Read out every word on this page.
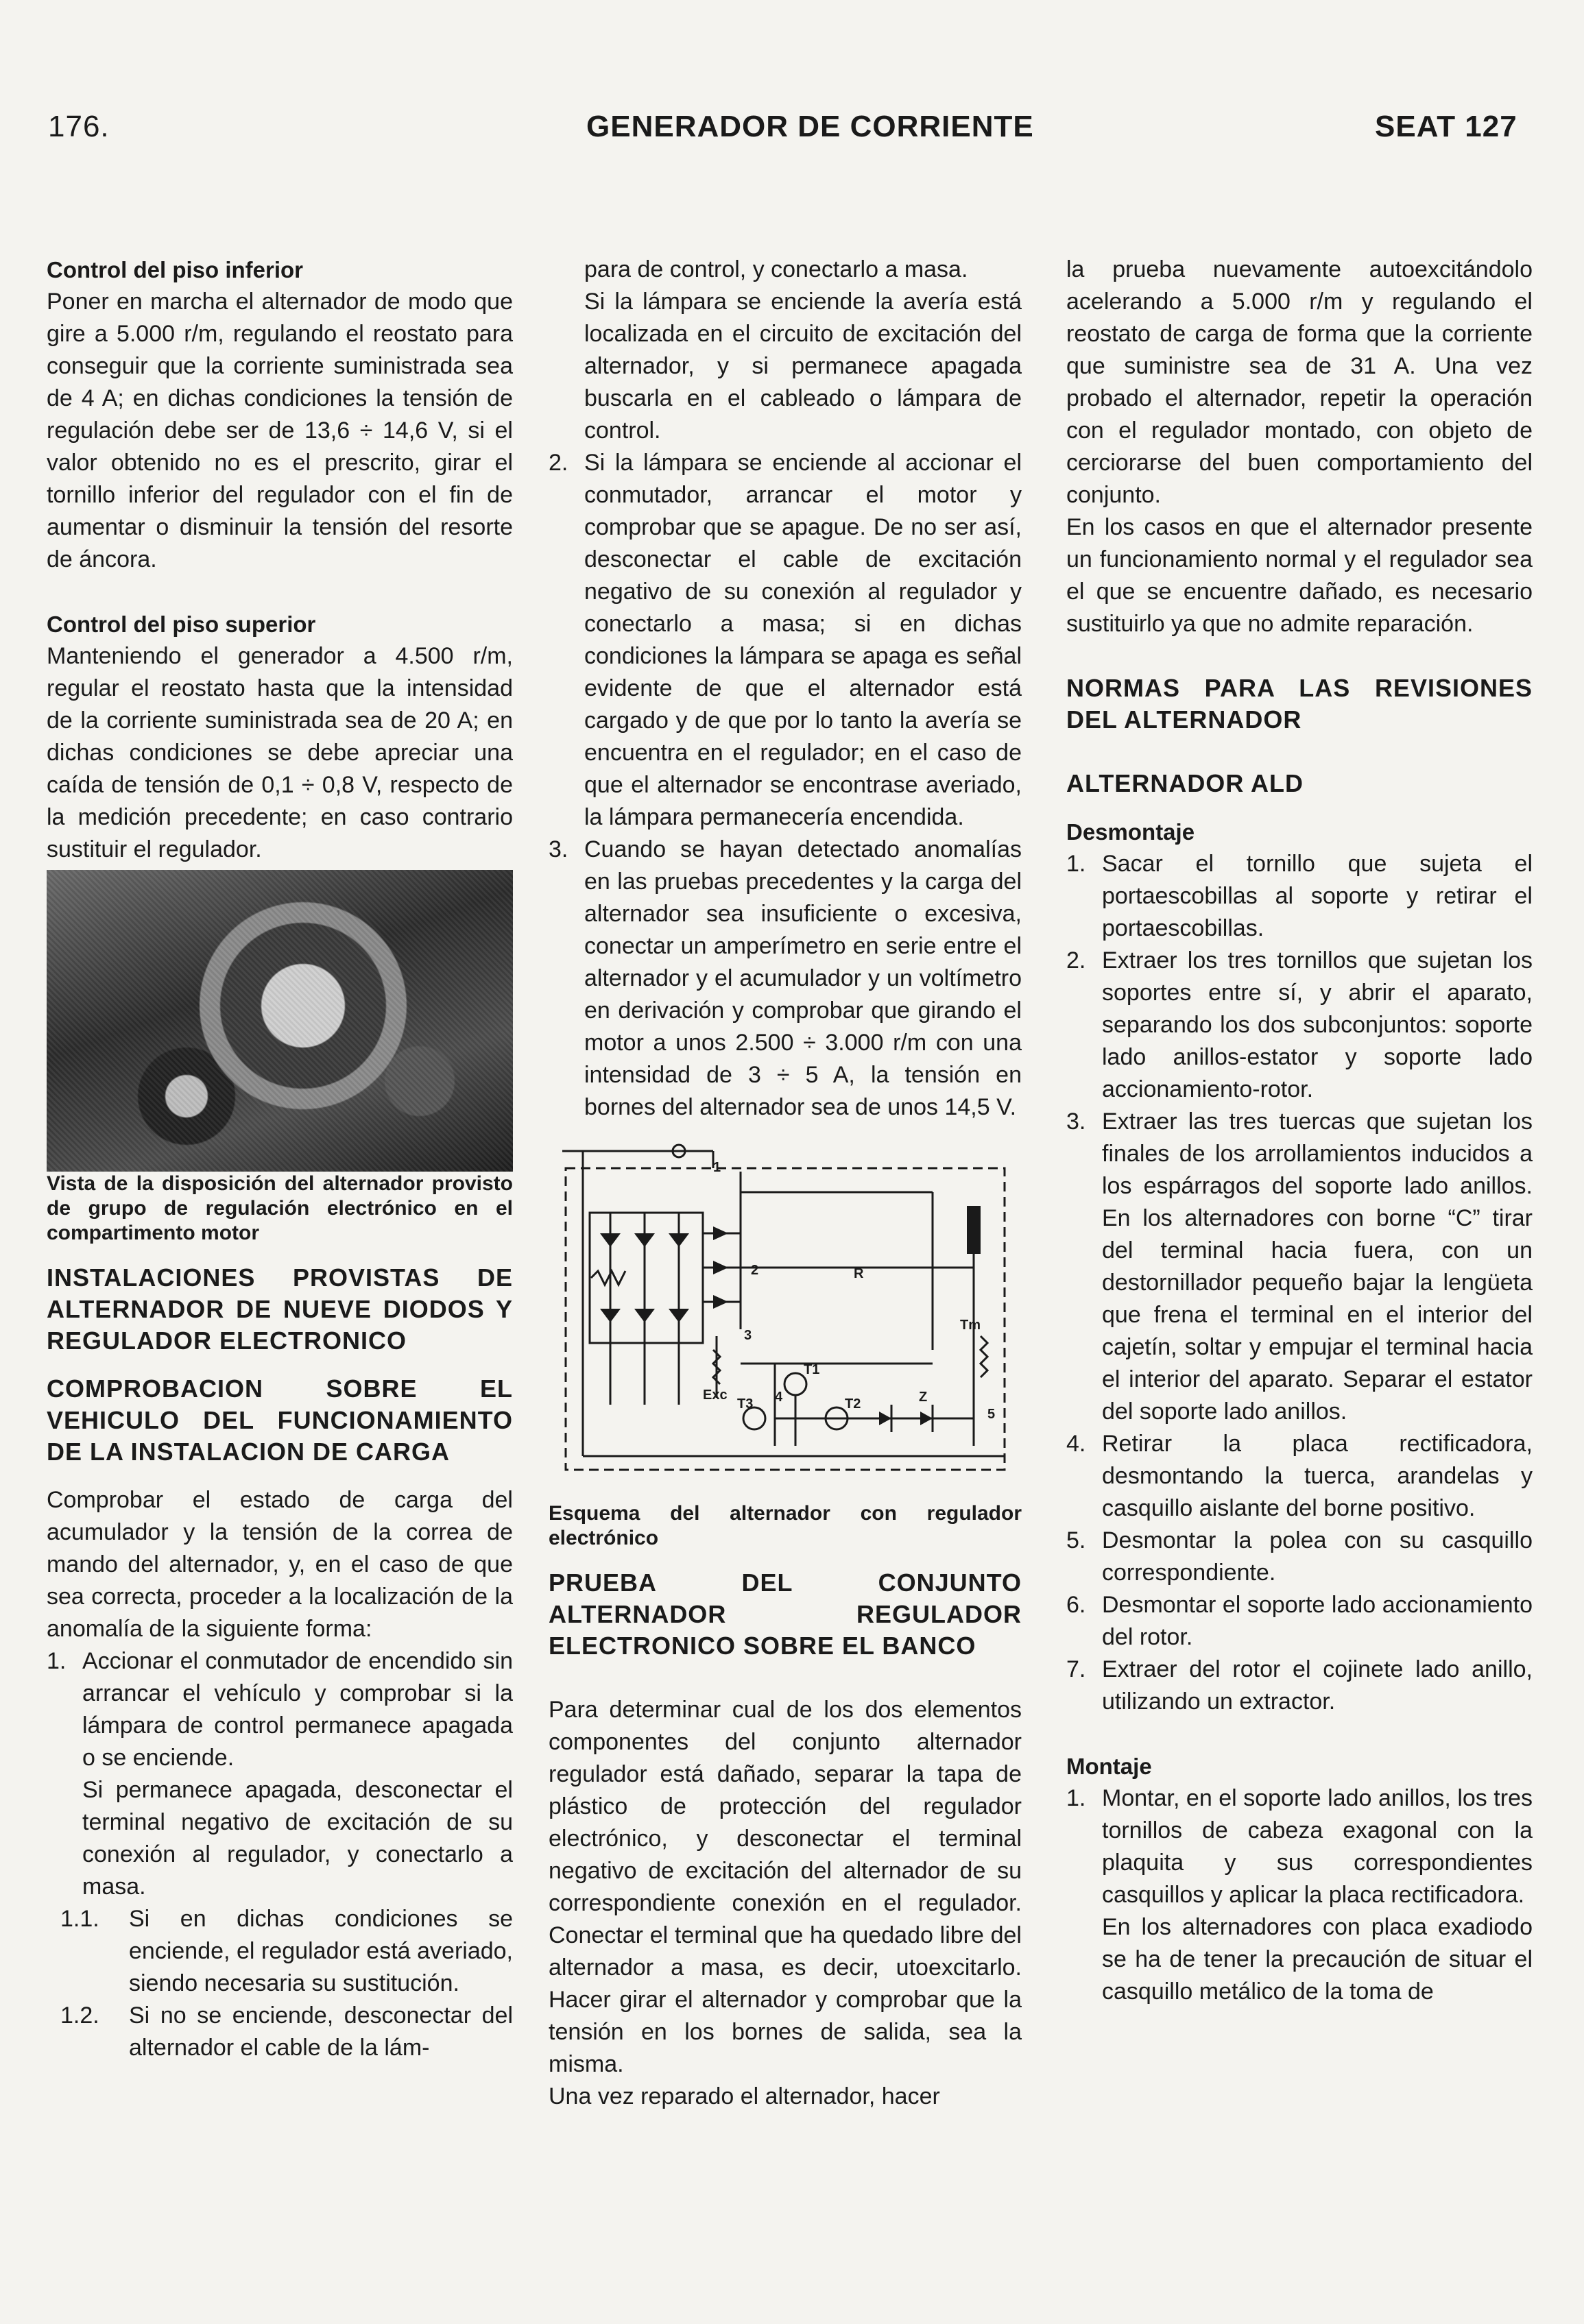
176.	GENERADOR DE CORRIENTE	SEAT 127

Control del piso inferior

Poner en marcha el alternador de modo que gire a 5.000 r/m, regulando el reostato para conseguir que la corriente suministrada sea de 4 A; en dichas condiciones la tensión de regulación debe ser de 13,6 ÷ 14,6 V, si el valor obtenido no es el prescrito, girar el tornillo inferior del regulador con el fin de aumentar o disminuir la tensión del resorte de áncora.

Control del piso superior

Manteniendo el generador a 4.500 r/m, regular el reostato hasta que la intensidad de la corriente suministrada sea de 20 A; en dichas condiciones se debe apreciar una caída de tensión de 0,1 ÷ 0,8 V, respecto de la medición precedente; en caso contrario sustituir el regulador.

Vista de la disposición del alternador provisto de grupo de regulación electrónico en el compartimento motor

INSTALACIONES PROVISTAS DE ALTERNADOR DE NUEVE DIODOS Y REGULADOR ELECTRONICO

COMPROBACION SOBRE EL VEHICULO DEL FUNCIONAMIENTO DE LA INSTALACION DE CARGA

Comprobar el estado de carga del acumulador y la tensión de la correa de mando del alternador, y, en el caso de que sea correcta, proceder a la localización de la anomalía de la siguiente forma:

1. Accionar el conmutador de encendido sin arrancar el vehículo y comprobar si la lámpara de control permanece apagada o se enciende.

Si permanece apagada, desconectar el terminal negativo de excitación de su conexión al regulador, y conectarlo a masa.

1.1. Si en dichas condiciones se enciende, el regulador está averiado, siendo necesaria su sustitución.
1.2. Si no se enciende, desconectar del alternador el cable de la lám-

para de control, y conectarlo a masa.

Si la lámpara se enciende la avería está localizada en el circuito de excitación del alternador, y si permanece apagada buscarla en el cableado o lámpara de control.

2. Si la lámpara se enciende al accionar el conmutador, arrancar el motor y comprobar que se apague. De no ser así, desconectar el cable de excitación negativo de su conexión al regulador y conectarlo a masa; si en dichas condiciones la lámpara se apaga es señal evidente de que el alternador está cargado y de que por lo tanto la avería se encuentra en el regulador; en el caso de que el alternador se encontrase averiado, la lámpara permanecería encendida.
3. Cuando se hayan detectado anomalías en las pruebas precedentes y la carga del alternador sea insuficiente o excesiva, conectar un amperímetro en serie entre el alternador y el acumulador y un voltímetro en derivación y comprobar que girando el motor a unos 2.500 ÷ 3.000 r/m con una intensidad de 3 ÷ 5 A, la tensión en bornes del alternador sea de unos 14,5 V.
1
2
3
4
5
R
Tm
Exc
T1
T2
T3	Z

Esquema del alternador con regulador electrónico

PRUEBA DEL CONJUNTO ALTERNADOR REGULADOR ELECTRONICO SOBRE EL BANCO

Para determinar cual de los dos elementos componentes del conjunto alternador regulador está dañado, separar la tapa de plástico de protección del regulador electrónico, y desconectar el terminal negativo de excitación del alternador de su correspondiente conexión en el regulador. Conectar el terminal que ha quedado libre del alternador a masa, es decir, utoexcitarlo. Hacer girar el alternador y comprobar que la tensión en los bornes de salida, sea la misma.

Una vez reparado el alternador, hacer

la prueba nuevamente autoexcitándolo acelerando a 5.000 r/m y regulando el reostato de carga de forma que la corriente que suministre sea de 31 A. Una vez probado el alternador, repetir la operación con el regulador montado, con objeto de cerciorarse del buen comportamiento del conjunto.

En los casos en que el alternador presente un funcionamiento normal y el regulador sea el que se encuentre dañado, es necesario sustituirlo ya que no admite reparación.

NORMAS PARA LAS REVISIONES DEL ALTERNADOR

ALTERNADOR ALD

Desmontaje

1. Sacar el tornillo que sujeta el portaescobillas al soporte y retirar el portaescobillas.
2. Extraer los tres tornillos que sujetan los soportes entre sí, y abrir el aparato, separando los dos subconjuntos: soporte lado anillos-estator y soporte lado accionamiento-rotor.
3. Extraer las tres tuercas que sujetan los finales de los arrollamientos inducidos a los espárragos del soporte lado anillos. En los alternadores con borne “C” tirar del terminal hacia fuera, con un destornillador pequeño bajar la lengüeta que frena el terminal en el interior del cajetín, soltar y empujar el terminal hacia el interior del aparato. Separar el estator del soporte lado anillos.
4. Retirar la placa rectificadora, desmontando la tuerca, arandelas y casquillo aislante del borne positivo.
5. Desmontar la polea con su casquillo correspondiente.
6. Desmontar el soporte lado accionamiento del rotor.
7. Extraer del rotor el cojinete lado anillo, utilizando un extractor.

Montaje

1. Montar, en el soporte lado anillos, los tres tornillos de cabeza exagonal con la plaquita y sus correspondientes casquillos y aplicar la placa rectificadora.

En los alternadores con placa exadiodo se ha de tener la precaución de situar el casquillo metálico de la toma de
